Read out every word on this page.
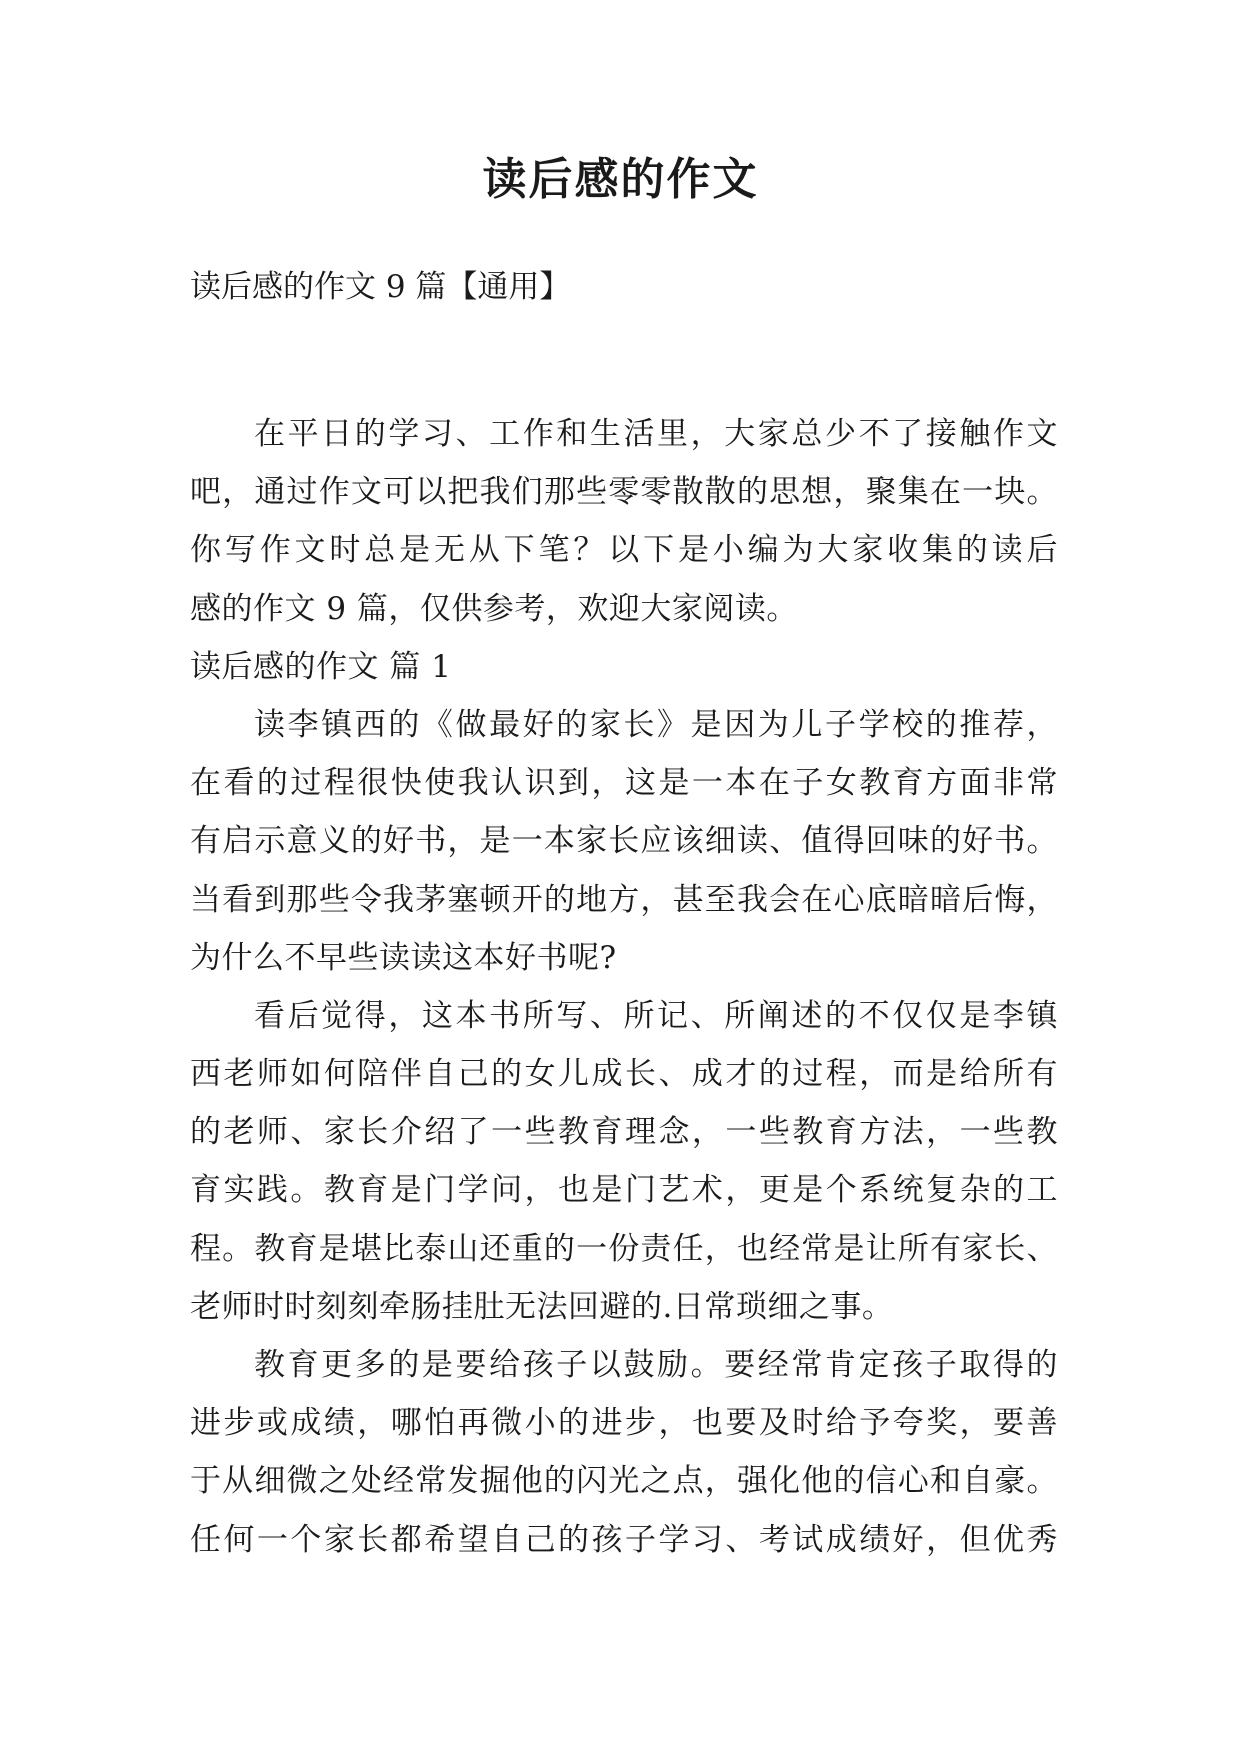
读后感的作文

读后感的作文 9 篇【通用】

在平日的学习、工作和生活里，大家总少不了接触作文
吧，通过作文可以把我们那些零零散散的思想，聚集在一块。
你写作文时总是无从下笔？以下是小编为大家收集的读后
感的作文 9 篇，仅供参考，欢迎大家阅读。
读后感的作文 篇 1
读李镇西的《做最好的家长》是因为儿子学校的推荐，
在看的过程很快使我认识到，这是一本在子女教育方面非常
有启示意义的好书，是一本家长应该细读、值得回味的好书。
当看到那些令我茅塞顿开的地方，甚至我会在心底暗暗后悔，
为什么不早些读读这本好书呢?
看后觉得，这本书所写、所记、所阐述的不仅仅是李镇
西老师如何陪伴自己的女儿成长、成才的过程，而是给所有
的老师、家长介绍了一些教育理念，一些教育方法，一些教
育实践。教育是门学问，也是门艺术，更是个系统复杂的工
程。教育是堪比泰山还重的一份责任，也经常是让所有家长、
老师时时刻刻牵肠挂肚无法回避的.日常琐细之事。
教育更多的是要给孩子以鼓励。要经常肯定孩子取得的
进步或成绩，哪怕再微小的进步，也要及时给予夸奖，要善
于从细微之处经常发掘他的闪光之点，强化他的信心和自豪。
任何一个家长都希望自己的孩子学习、考试成绩好，但优秀
